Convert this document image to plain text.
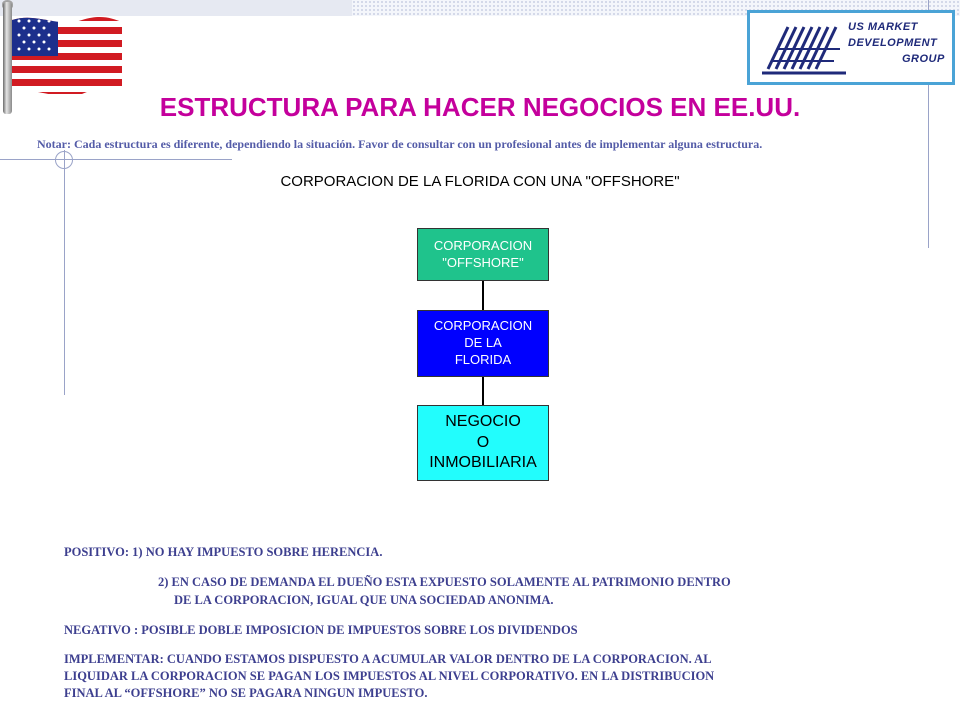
US MARKET
DEVELOPMENT
GROUP
ESTRUCTURA PARA HACER NEGOCIOS EN EE.UU.
Notar: Cada estructura es diferente, dependiendo la situación. Favor de consultar con un profesional antes de implementar alguna estructura.
CORPORACION DE LA FLORIDA CON UNA "OFFSHORE"
CORPORACION
"OFFSHORE"
CORPORACION
DE LA
FLORIDA
NEGOCIO
O
INMOBILIARIA
POSITIVO: 1) NO HAY IMPUESTO SOBRE HERENCIA.
2) EN CASO DE DEMANDA EL DUEÑO ESTA EXPUESTO SOLAMENTE AL PATRIMONIO DENTRO
DE LA CORPORACION, IGUAL QUE UNA SOCIEDAD ANONIMA.
NEGATIVO : POSIBLE DOBLE IMPOSICION DE IMPUESTOS SOBRE LOS DIVIDENDOS
IMPLEMENTAR: CUANDO ESTAMOS DISPUESTO A ACUMULAR VALOR DENTRO DE LA CORPORACION. AL
LIQUIDAR LA CORPORACION SE PAGAN LOS IMPUESTOS AL NIVEL CORPORATIVO. EN LA DISTRIBUCION
FINAL AL “OFFSHORE” NO SE PAGARA NINGUN IMPUESTO.
